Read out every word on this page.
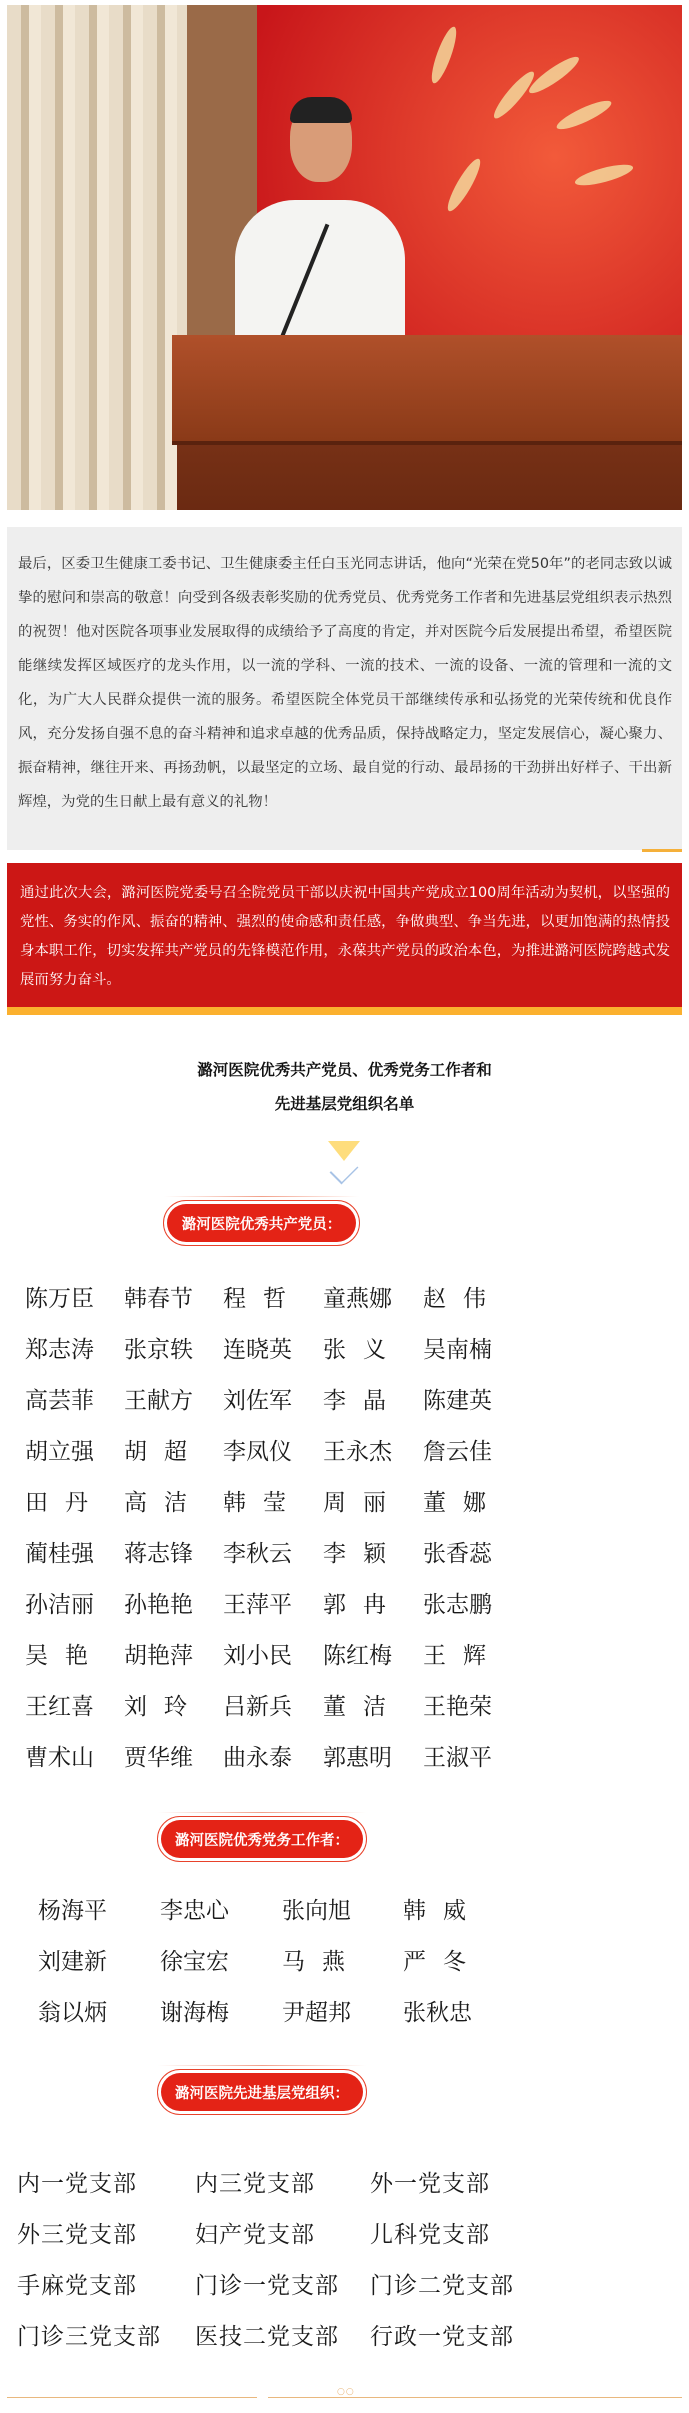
最后，区委卫生健康工委书记、卫生健康委主任白玉光同志讲话，他向“光荣在党50年”的老同志致以诚挚的慰问和崇高的敬意！向受到各级表彰奖励的优秀党员、优秀党务工作者和先进基层党组织表示热烈的祝贺！他对医院各项事业发展取得的成绩给予了高度的肯定，并对医院今后发展提出希望，希望医院能继续发挥区域医疗的龙头作用，以一流的学科、一流的技术、一流的设备、一流的管理和一流的文化，为广大人民群众提供一流的服务。希望医院全体党员干部继续传承和弘扬党的光荣传统和优良作风，充分发扬自强不息的奋斗精神和追求卓越的优秀品质，保持战略定力，坚定发展信心，凝心聚力、振奋精神，继往开来、再扬劲帆，以最坚定的立场、最自觉的行动、最昂扬的干劲拼出好样子、干出新辉煌，为党的生日献上最有意义的礼物！
通过此次大会，潞河医院党委号召全院党员干部以庆祝中国共产党成立100周年活动为契机，以坚强的党性、务实的作风、振奋的精神、强烈的使命感和责任感，争做典型、争当先进，以更加饱满的热情投身本职工作，切实发挥共产党员的先锋模范作用，永葆共产党员的政治本色，为推进潞河医院跨越式发展而努力奋斗。
潞河医院优秀共产党员、优秀党务工作者和
先进基层党组织名单
潞河医院优秀共产党员：
潞河医院优秀党务工作者：
潞河医院先进基层党组织：
陈万臣 韩春节 程哲 童燕娜 赵伟
郑志涛 张京轶 连晓英 张义 吴南楠
高芸菲 王献方 刘佐军 李晶 陈建英
胡立强 胡超 李凤仪 王永杰 詹云佳
田丹 高洁 韩莹 周丽 董娜
蔺桂强 蒋志锋 李秋云 李颖 张香蕊
孙洁丽 孙艳艳 王萍平 郭冉 张志鹏
吴艳 胡艳萍 刘小民 陈红梅 王辉
王红喜 刘玲 吕新兵 董洁 王艳荣
曹术山 贾华维 曲永泰 郭惠明 王淑平
杨海平 李忠心 张向旭 韩威
刘建新 徐宝宏 马燕	严冬
翁以炳 谢海梅 尹超邦 张秋忠
内一党支部	内三党支部 外一党支部
外三党支部	妇产党支部 儿科党支部
手麻党支部	门诊一党支部 门诊二党支部
门诊三党支部 医技二党支部 行政一党支部
○○
